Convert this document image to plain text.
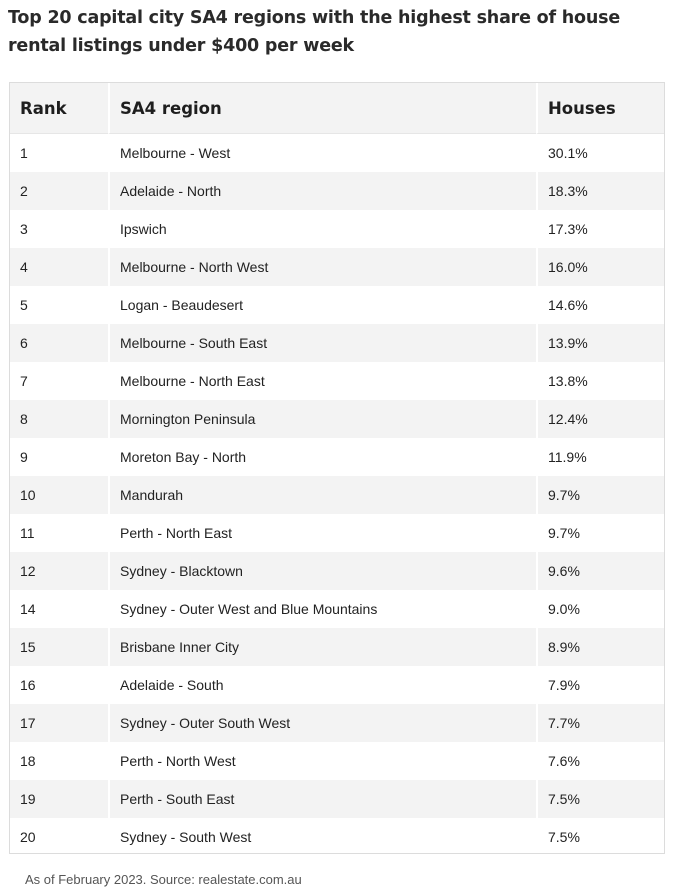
Top 20 capital city SA4 regions with the highest share of house rental listings under $400 per week
Rank	SA4 region	Houses
1	Melbourne - West	30.1%
2	Adelaide - North	18.3%
3	Ipswich	17.3%
4	Melbourne - North West	16.0%
5	Logan - Beaudesert	14.6%
6	Melbourne - South East	13.9%
7	Melbourne - North East	13.8%
8	Mornington Peninsula	12.4%
9	Moreton Bay - North	11.9%
10	Mandurah	9.7%
11	Perth - North East	9.7%
12	Sydney - Blacktown	9.6%
14	Sydney - Outer West and Blue Mountains	9.0%
15	Brisbane Inner City	8.9%
16	Adelaide - South	7.9%
17	Sydney - Outer South West	7.7%
18	Perth - North West	7.6%
19	Perth - South East	7.5%
20	Sydney - South West	7.5%
As of February 2023. Source: realestate.com.au
